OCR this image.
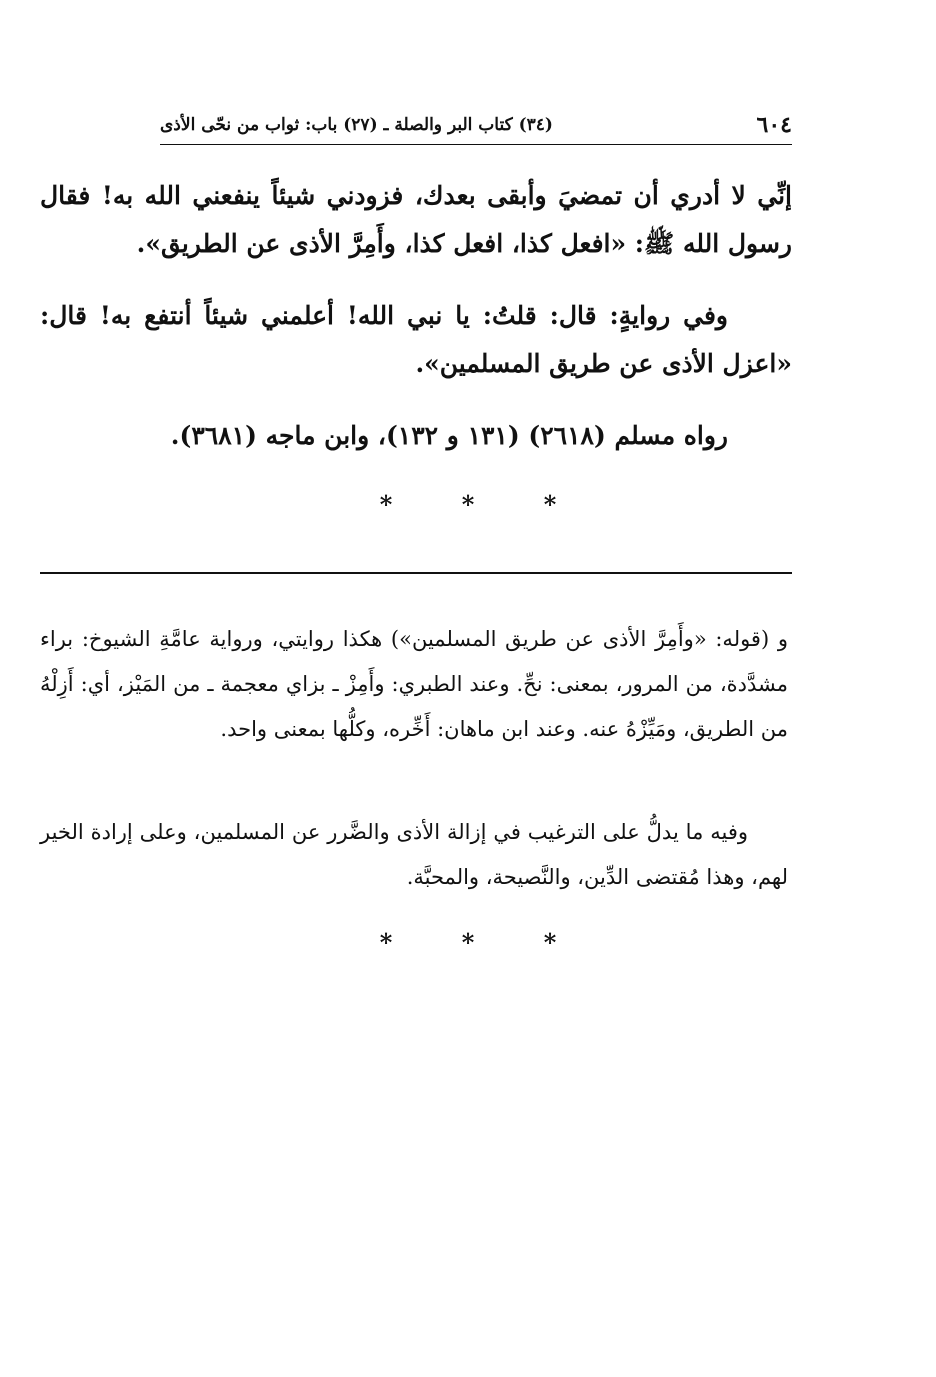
٦٠٤
(٣٤) كتاب البر والصلة ـ (٢٧) باب: ثواب من نحّى الأذى

إنِّي لا أدري أن تمضيَ وأبقى بعدك، فزودني شيئاً ينفعني الله به! فقال رسول الله ﷺ: «افعل كذا، افعل كذا، وأَمِرَّ الأذى عن الطريق».

وفي روايةٍ: قال: قلتُ: يا نبي الله! أعلمني شيئاً أنتفع به! قال: «اعزل الأذى عن طريق المسلمين».

رواه مسلم (٢٦١٨) (١٣١ و ١٣٢)، وابن ماجه (٣٦٨١).

*	*	*

و (قوله: «وأَمِرَّ الأذى عن طريق المسلمين») هكذا روايتي، ورواية عامَّةِ الشيوخ: براء مشدَّدة، من المرور، بمعنى: نحِّ. وعند الطبري: وأَمِزْ ـ بزاي معجمة ـ من المَيْز، أي: أَزِلْهُ من الطريق، ومَيِّزْهُ عنه. وعند ابن ماهان: أَخِّره، وكلُّها بمعنى واحد.

وفيه ما يدلُّ على الترغيب في إزالة الأذى والضَّرر عن المسلمين، وعلى إرادة الخير لهم، وهذا مُقتضى الدِّين، والنَّصيحة، والمحبَّة.

*	*	*
